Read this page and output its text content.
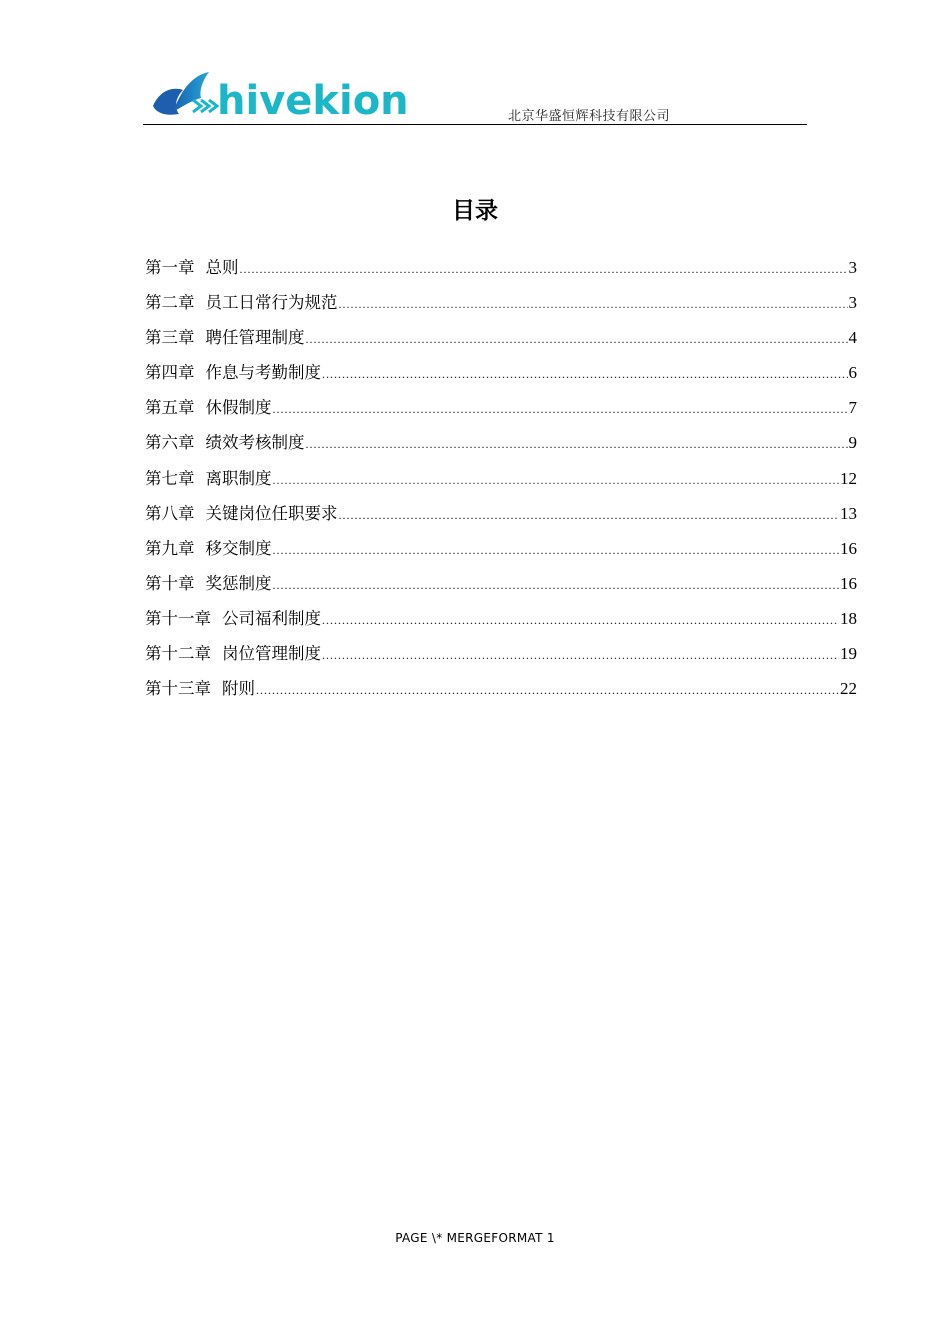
hivekion	北京华盛恒辉科技有限公司
目录
第一章 总则 .....	3
第二章 员工日常行为规范 .....	3
第三章 聘任管理制度 .....	4
第四章 作息与考勤制度 .....	6
第五章 休假制度 .....	7
第六章 绩效考核制度 .....	9
第七章 离职制度 .....	12
第八章 关键岗位任职要求 .....	13
第九章 移交制度 .....	16
第十章 奖惩制度 .....	16
第十一章 公司福利制度 .....	18
第十二章 岗位管理制度 .....	19
第十三章 附则 .....	22
PAGE \* MERGEFORMAT 1
